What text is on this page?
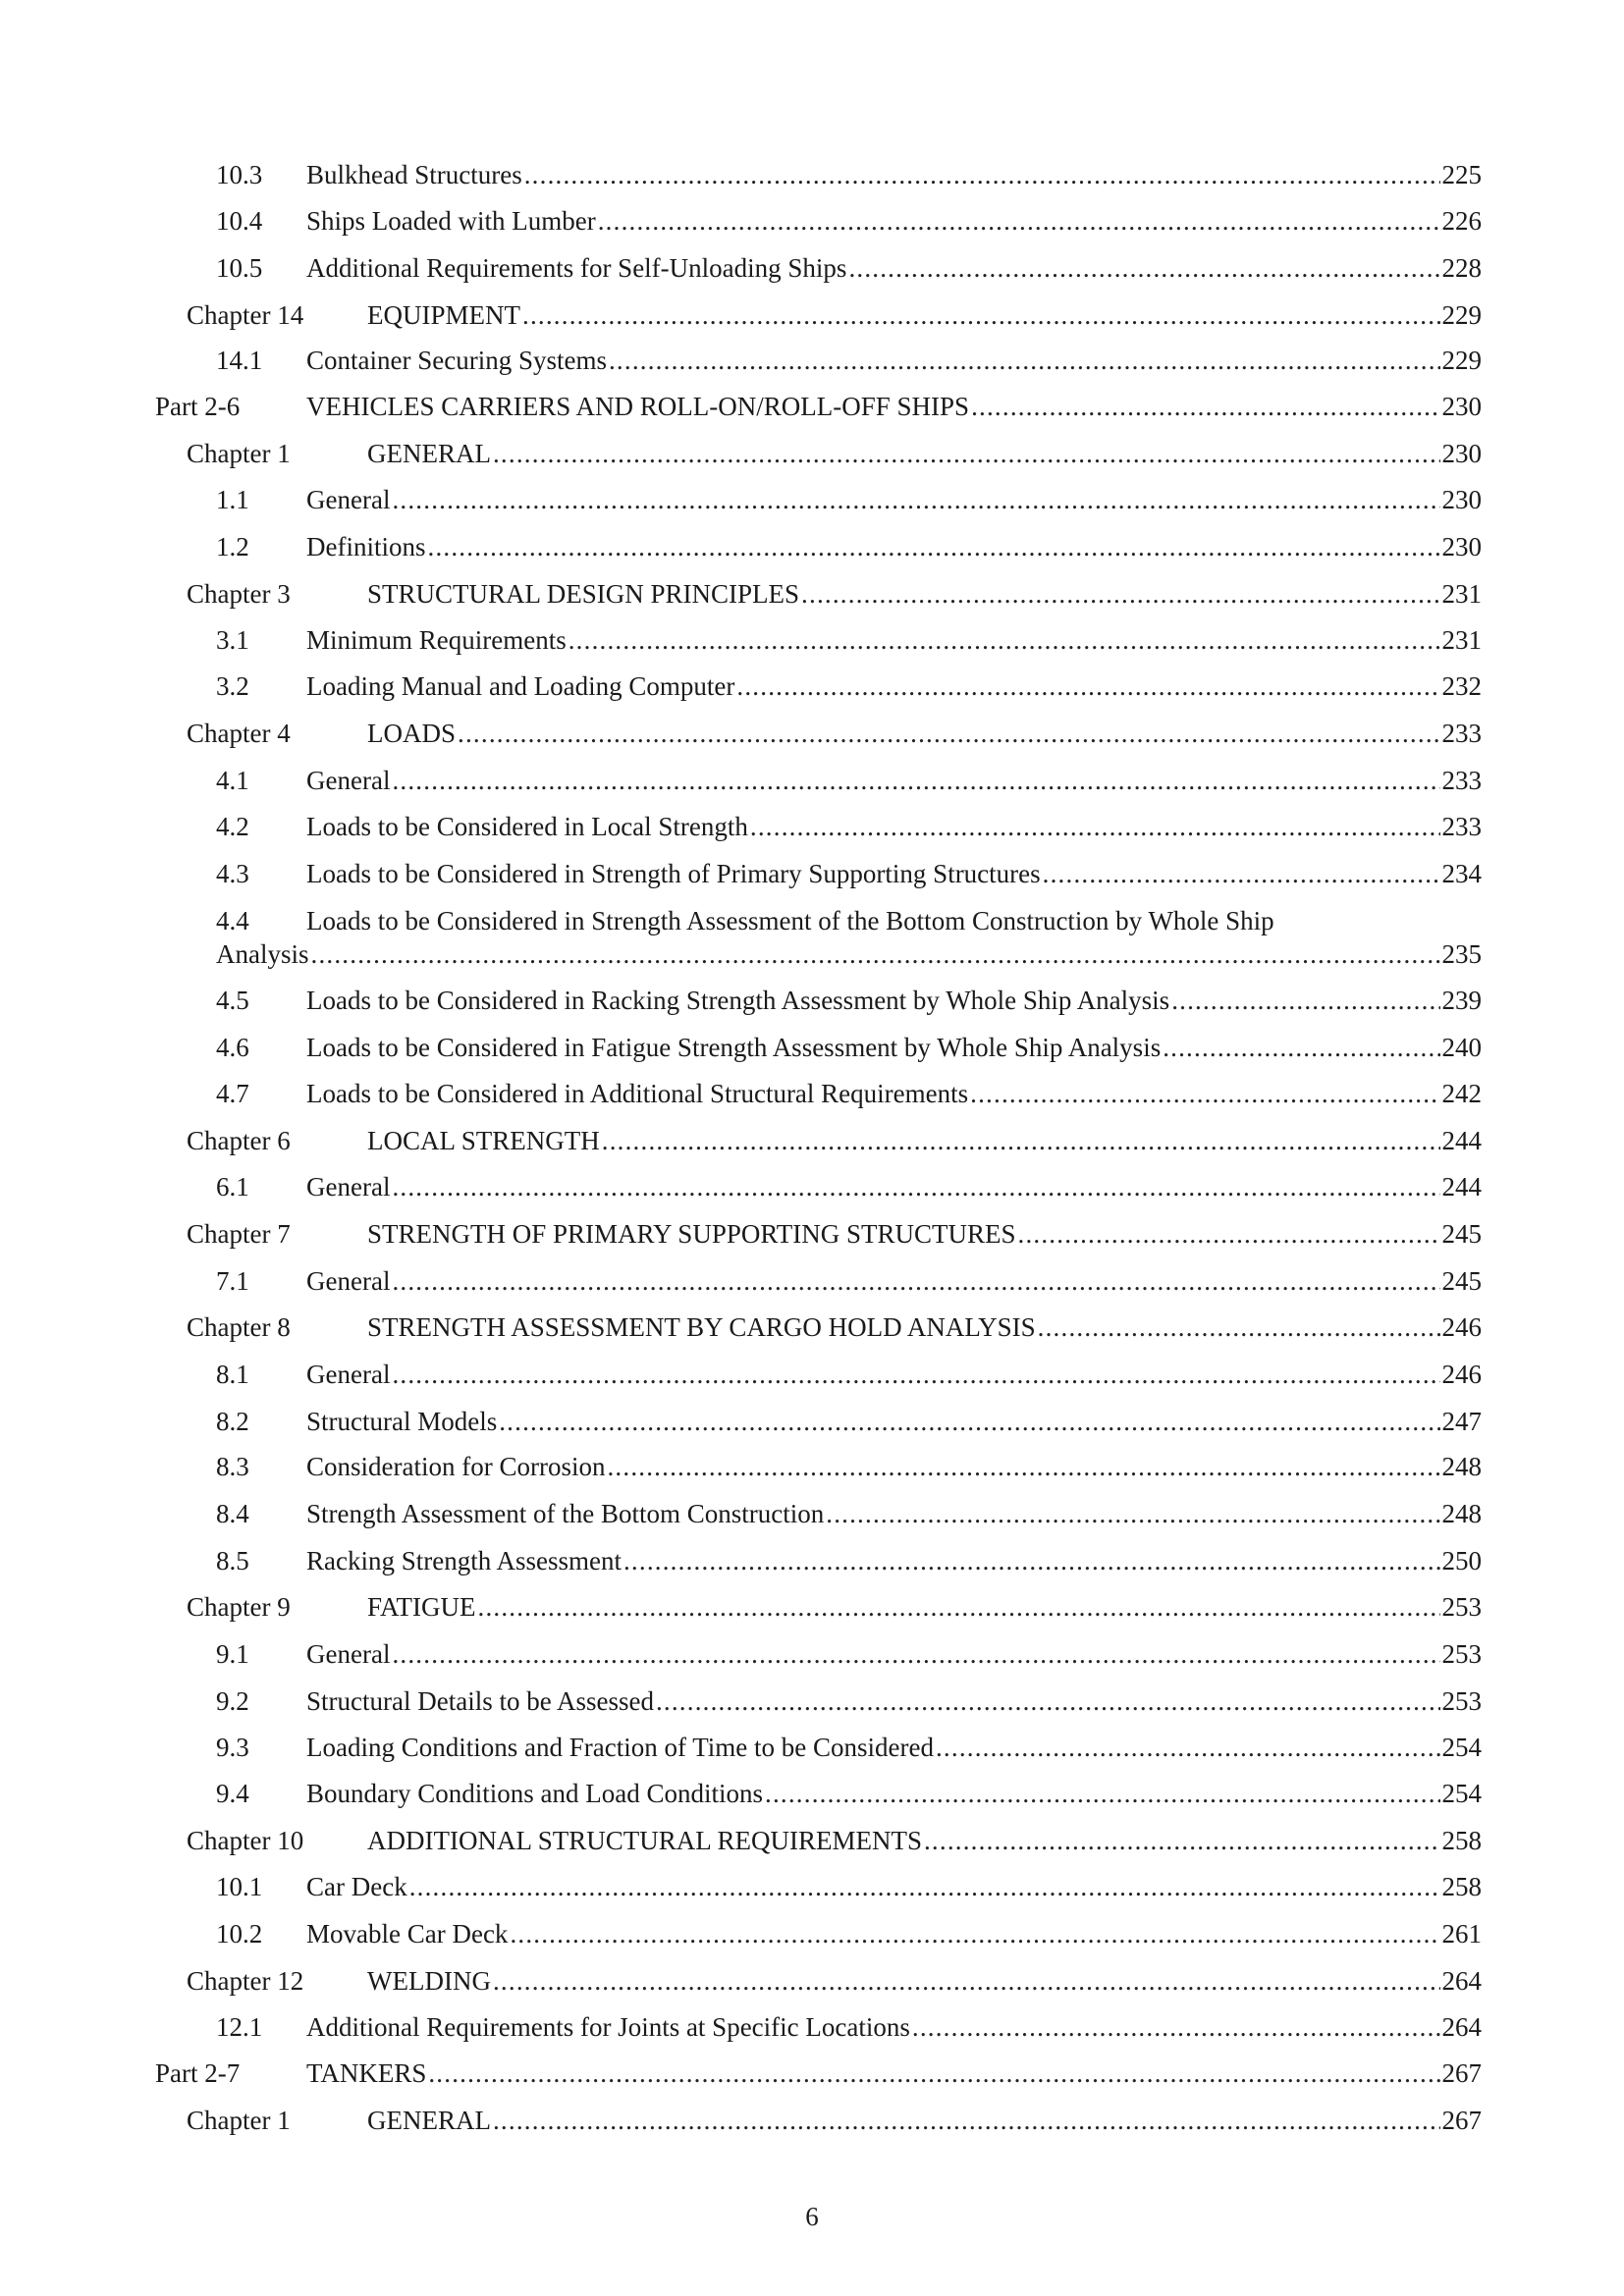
10.3 Bulkhead Structures .....	225
10.4 Ships Loaded with Lumber .....	226
10.5 Additional Requirements for Self-Unloading Ships .....	228
Chapter 14 EQUIPMENT .....	229
14.1 Container Securing Systems .....	229
Part 2-6	VEHICLES CARRIERS AND ROLL-ON/ROLL-OFF SHIPS .....	230
Chapter 1	GENERAL .....	230
1.1 General .....	230
1.2 Definitions .....	230
Chapter 3	STRUCTURAL DESIGN PRINCIPLES .....	231
3.1 Minimum Requirements .....	231
3.2 Loading Manual and Loading Computer .....	232
Chapter 4	LOADS .....	233
4.1 General .....	233
4.2 Loads to be Considered in Local Strength .....	233
4.3 Loads to be Considered in Strength of Primary Supporting Structures .....	234
4.4 Loads to be Considered in Strength Assessment of the Bottom Construction by Whole Ship
Analysis .....	235
4.5 Loads to be Considered in Racking Strength Assessment by Whole Ship Analysis .....	239
4.6 Loads to be Considered in Fatigue Strength Assessment by Whole Ship Analysis .....	240
4.7 Loads to be Considered in Additional Structural Requirements .....	242
Chapter 6	LOCAL STRENGTH .....	244
6.1 General .....	244
Chapter 7	STRENGTH OF PRIMARY SUPPORTING STRUCTURES .....	245
7.1 General .....	245
Chapter 8	STRENGTH ASSESSMENT BY CARGO HOLD ANALYSIS .....	246
8.1 General .....	246
8.2 Structural Models .....	247
8.3 Consideration for Corrosion .....	248
8.4 Strength Assessment of the Bottom Construction .....	248
8.5 Racking Strength Assessment .....	250
Chapter 9	FATIGUE .....	253
9.1 General .....	253
9.2 Structural Details to be Assessed .....	253
9.3 Loading Conditions and Fraction of Time to be Considered .....	254
9.4 Boundary Conditions and Load Conditions .....	254
Chapter 10 ADDITIONAL STRUCTURAL REQUIREMENTS .....	258
10.1 Car Deck .....	258
10.2 Movable Car Deck .....	261
Chapter 12 WELDING .....	264
12.1 Additional Requirements for Joints at Specific Locations .....	264
Part 2-7	TANKERS .....	267
Chapter 1	GENERAL .....	267
6
